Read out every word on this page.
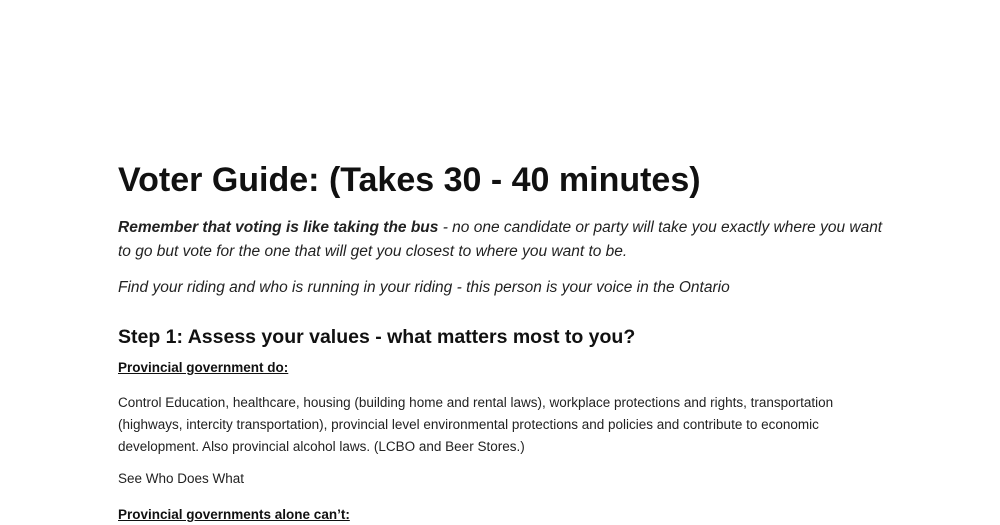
Voter Guide: (Takes 30 - 40 minutes)

Remember that voting is like taking the bus - no one candidate or party will take you exactly where you want to go but vote for the one that will get you closest to where you want to be.

Find your riding and who is running in your riding - this person is your voice in the Ontario

Step 1: Assess your values - what matters most to you?

Provincial government do:

Control Education, healthcare, housing (building home and rental laws), workplace protections and rights, transportation (highways, intercity transportation), provincial level environmental protections and policies and contribute to economic development. Also provincial alcohol laws. (LCBO and Beer Stores.)

See Who Does What

Provincial governments alone can’t:
